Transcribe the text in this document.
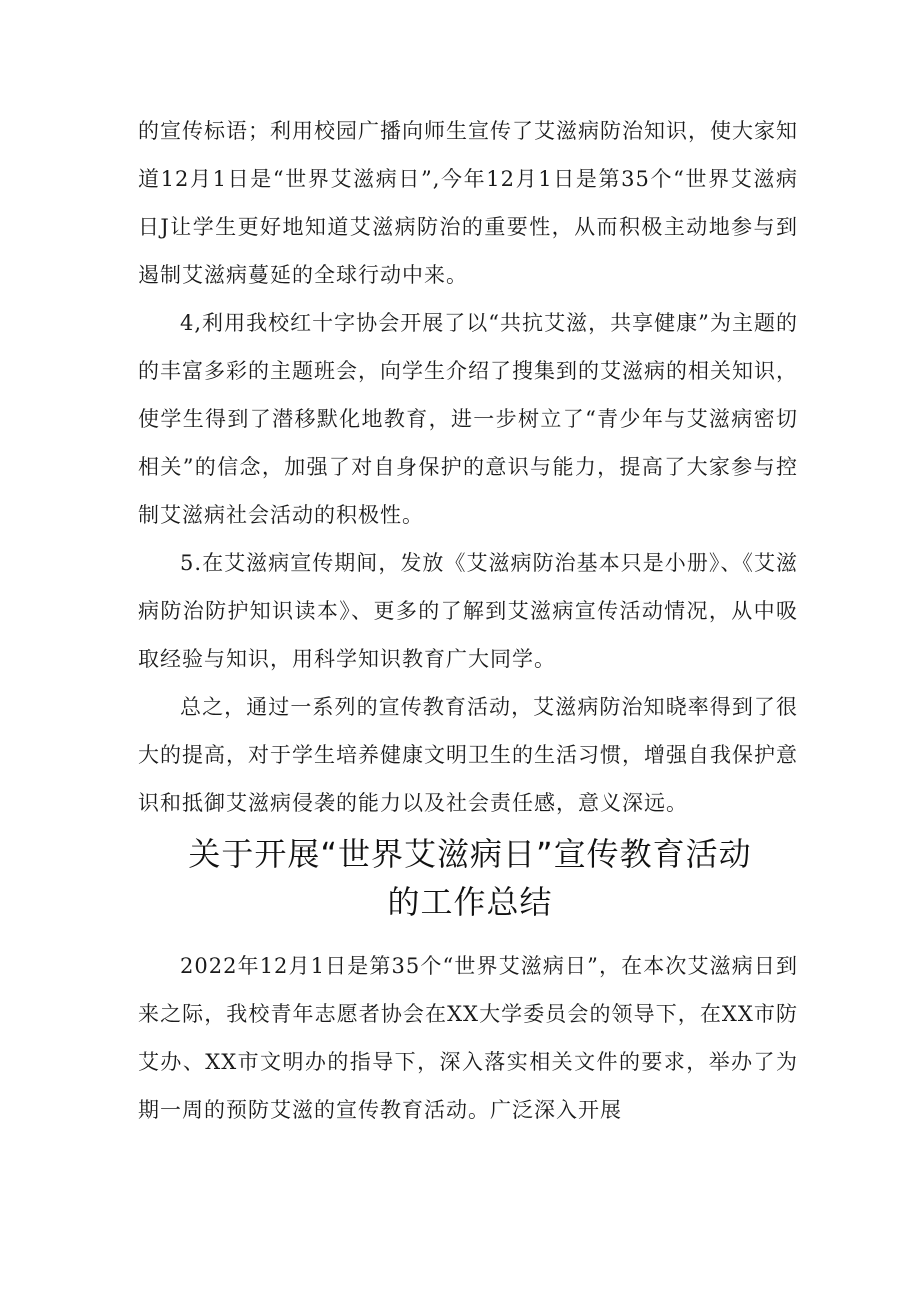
的宣传标语；利用校园广播向师生宣传了艾滋病防治知识，使大家知道12月1日是“世界艾滋病日”,今年12月1日是第35个“世界艾滋病日J让学生更好地知道艾滋病防治的重要性，从而积极主动地参与到遏制艾滋病蔓延的全球行动中来。

4,利用我校红十字协会开展了以“共抗艾滋，共享健康”为主题的的丰富多彩的主题班会，向学生介绍了搜集到的艾滋病的相关知识，使学生得到了潜移默化地教育，进一步树立了“青少年与艾滋病密切相关”的信念，加强了对自身保护的意识与能力，提高了大家参与控制艾滋病社会活动的积极性。

5.在艾滋病宣传期间，发放《艾滋病防治基本只是小册》、《艾滋病防治防护知识读本》、更多的了解到艾滋病宣传活动情况，从中吸取经验与知识，用科学知识教育广大同学。

总之，通过一系列的宣传教育活动，艾滋病防治知晓率得到了很大的提高，对于学生培养健康文明卫生的生活习惯，增强自我保护意识和抵御艾滋病侵袭的能力以及社会责任感，意义深远。

关于开展“世界艾滋病日”宣传教育活动
的工作总结

2022年12月1日是第35个“世界艾滋病日”，在本次艾滋病日到来之际，我校青年志愿者协会在XX大学委员会的领导下，在XX市防艾办、XX市文明办的指导下，深入落实相关文件的要求，举办了为期一周的预防艾滋的宣传教育活动。广泛深入开展
